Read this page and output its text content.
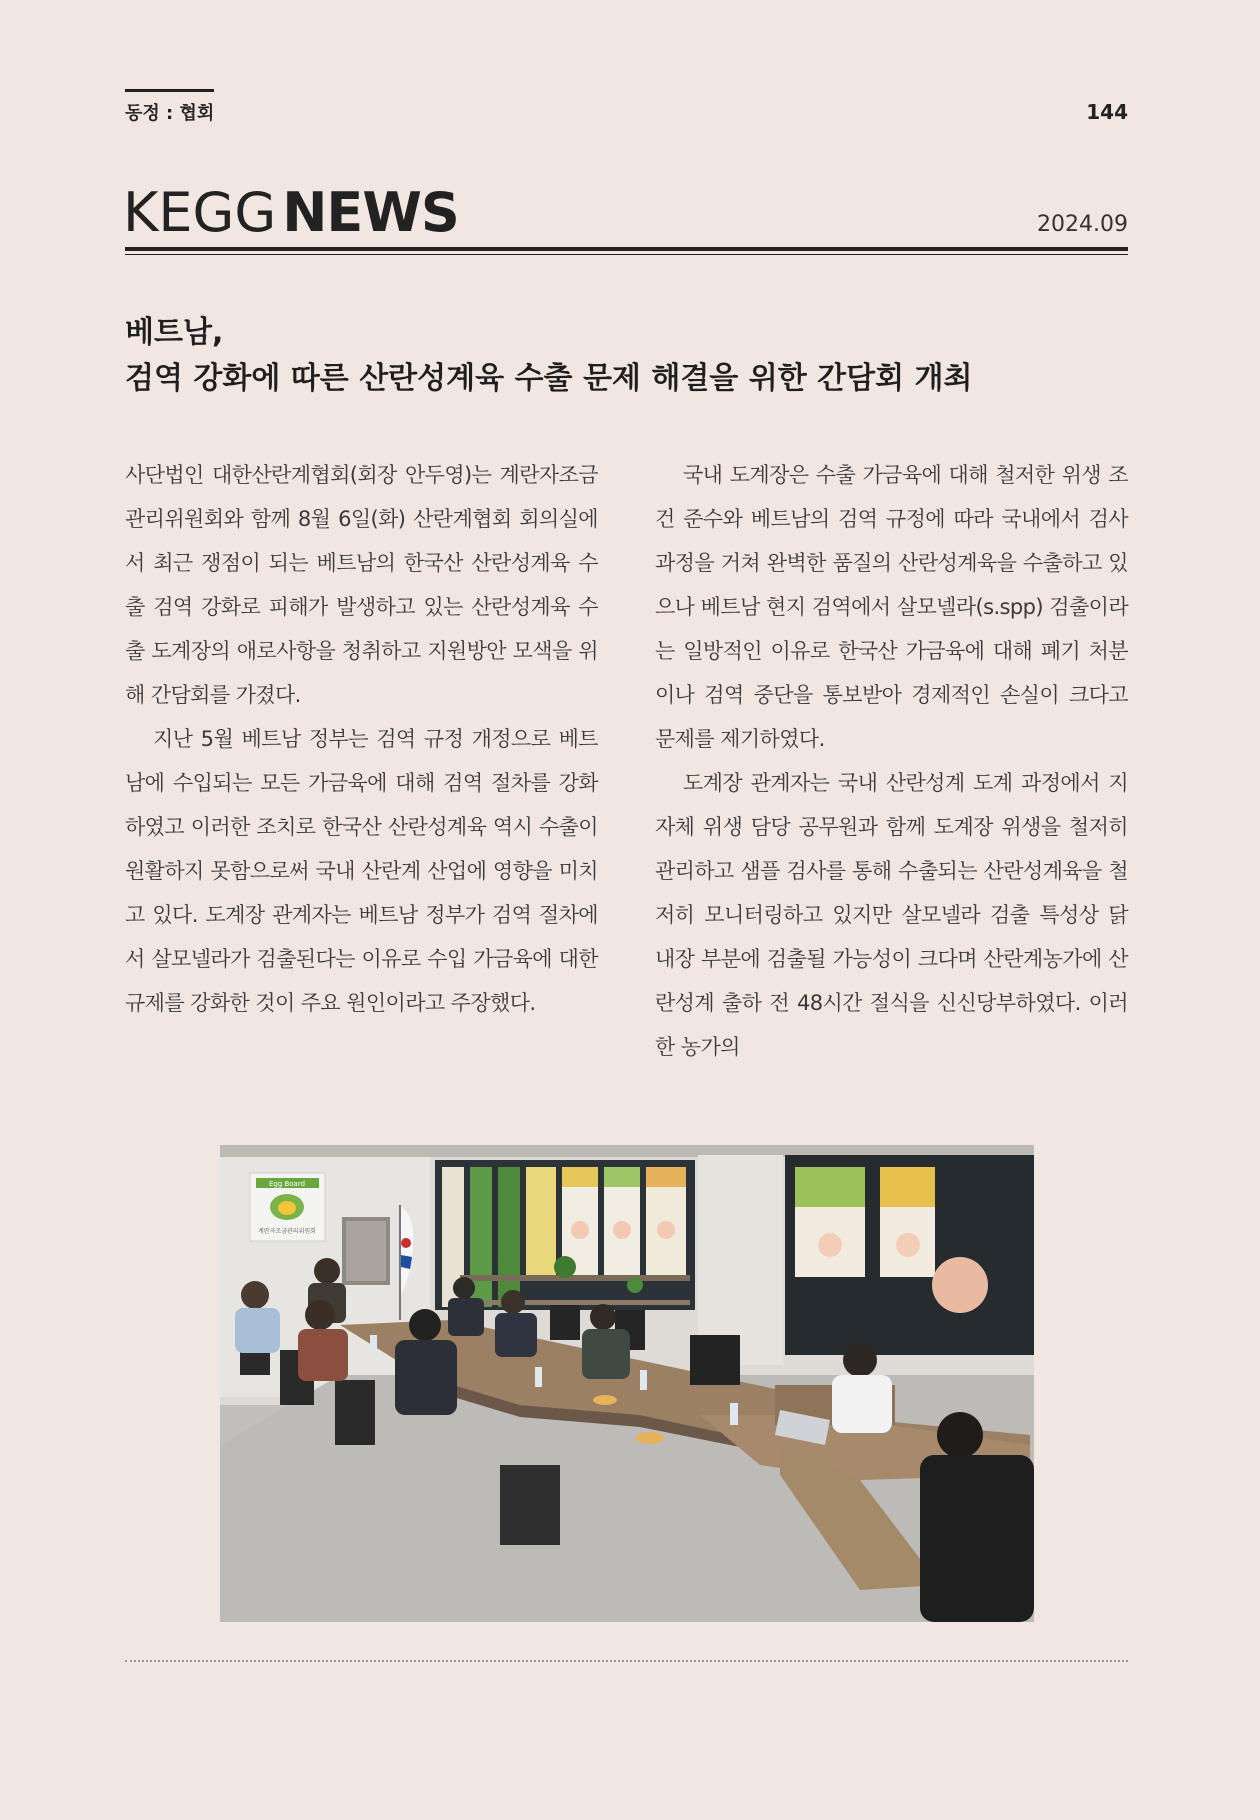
동정 : 협회	144
KEGG NEWS	2024.09
베트남,
검역 강화에 따른 산란성계육 수출 문제 해결을 위한 간담회 개최

사단법인 대한산란계협회(회장 안두영)는 계란자조금관리위원회와 함께 8월 6일(화) 산란계협회 회의실에서 최근 쟁점이 되는 베트남의 한국산 산란성계육 수출 검역 강화로 피해가 발생하고 있는 산란성계육 수출 도계장의 애로사항을 청취하고 지원방안 모색을 위해 간담회를 가졌다.

지난 5월 베트남 정부는 검역 규정 개정으로 베트남에 수입되는 모든 가금육에 대해 검역 절차를 강화하였고 이러한 조치로 한국산 산란성계육 역시 수출이 원활하지 못함으로써 국내 산란계 산업에 영향을 미치고 있다. 도계장 관계자는 베트남 정부가 검역 절차에서 살모넬라가 검출된다는 이유로 수입 가금육에 대한 규제를 강화한 것이 주요 원인이라고 주장했다.

국내 도계장은 수출 가금육에 대해 철저한 위생 조건 준수와 베트남의 검역 규정에 따라 국내에서 검사 과정을 거쳐 완벽한 품질의 산란성계육을 수출하고 있으나 베트남 현지 검역에서 살모넬라(s.spp) 검출이라는 일방적인 이유로 한국산 가금육에 대해 폐기 처분이나 검역 중단을 통보받아 경제적인 손실이 크다고 문제를 제기하였다.

도계장 관계자는 국내 산란성계 도계 과정에서 지자체 위생 담당 공무원과 함께 도계장 위생을 철저히 관리하고 샘플 검사를 통해 수출되는 산란성계육을 철저히 모니터링하고 있지만 살모넬라 검출 특성상 닭 내장 부분에 검출될 가능성이 크다며 산란계농가에 산란성계 출하 전 48시간 절식을 신신당부하였다. 이러한 농가의

Egg Board
계란자조금관리위원회
